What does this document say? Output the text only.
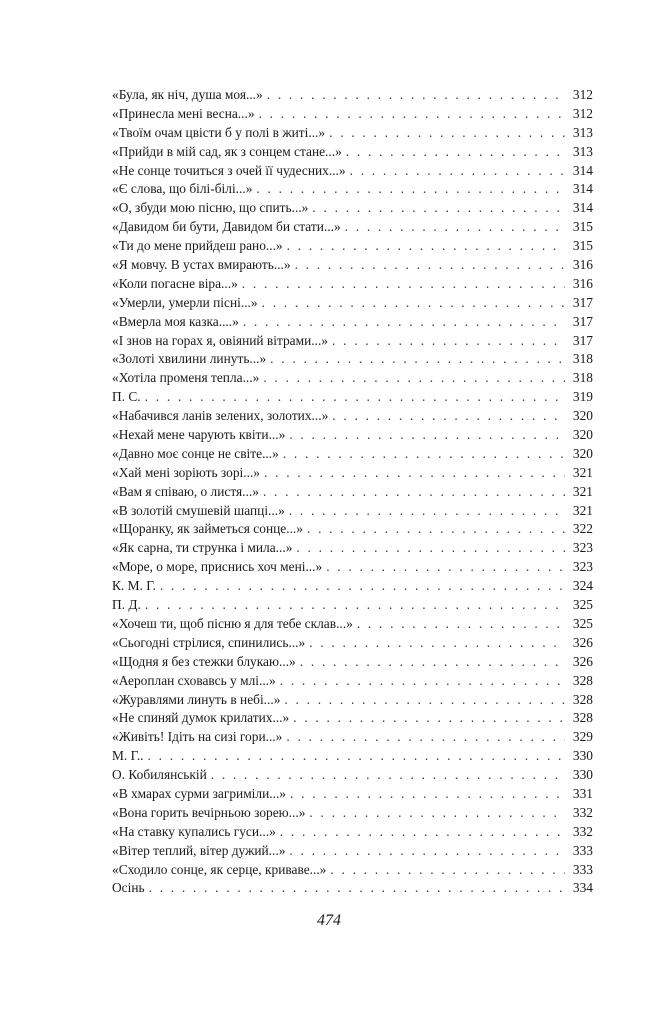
«Була, як ніч, душа моя...» . . .	312
«Принесла мені весна...» . . .	312
«Твоїм очам цвісти б у полі в житі...» . . .	313
«Прийди в мій сад, як з сонцем стане...» . . .	313
«Не сонце точиться з очей її чудесних...» . . .	314
«Є слова, що білі-білі...» . . .	314
«О, збуди мою пісню, що спить...» . . .	314
«Давидом би бути, Давидом би стати...» . . .	315
«Ти до мене прийдеш рано...» . . .	315
«Я мовчу. В устах вмирають...» . . .	316
«Коли погасне віра...» . . .	316
«Умерли, умерли пісні...» . . .	317
«Вмерла моя казка....» . . .	317
«І знов на горах я, овіяний вітрами...» . . .	317
«Золоті хвилини линуть...» . . .	318
«Хотіла променя тепла...» . . .	318
П. С. . . .	319
«Набачився ланів зелених, золотих...» . . .	320
«Нехай мене чарують квіти...» . . .	320
«Давно моє сонце не світе...» . . .	320
«Хай мені зоріють зорі...» . . .	321
«Вам я співаю, о листя...» . . .	321
«В золотій смушевій шапці...» . . .	321
«Щоранку, як займеться сонце...» . . .	322
«Як сарна, ти струнка і мила...» . . .	323
«Море, о море, приснись хоч мені...» . . .	323
К. М. Г. . . .	324
П. Д. . . .	325
«Хочеш ти, щоб пісню я для тебе склав...» . . .	325
«Сьогодні стрілися, спинились...» . . .	326
«Щодня я без стежки блукаю...» . . .	326
«Аероплан сховавсь у млі...» . . .	328
«Журавлями линуть в небі...» . . .	328
«Не спиняй думок крилатих...» . . .	328
«Живіть! Ідіть на сизі гори...» . . .	329
М. Г.. . . .	330
О. Кобилянській . . .	330
«В хмарах сурми загриміли...» . . .	331
«Вона горить вечірньою зорею...» . . .	332
«На ставку купались гуси...» . . .	332
«Вітер теплий, вітер дужий...» . . .	333
«Сходило сонце, як серце, криваве...» . . .	333
Осінь . . .	334
474
